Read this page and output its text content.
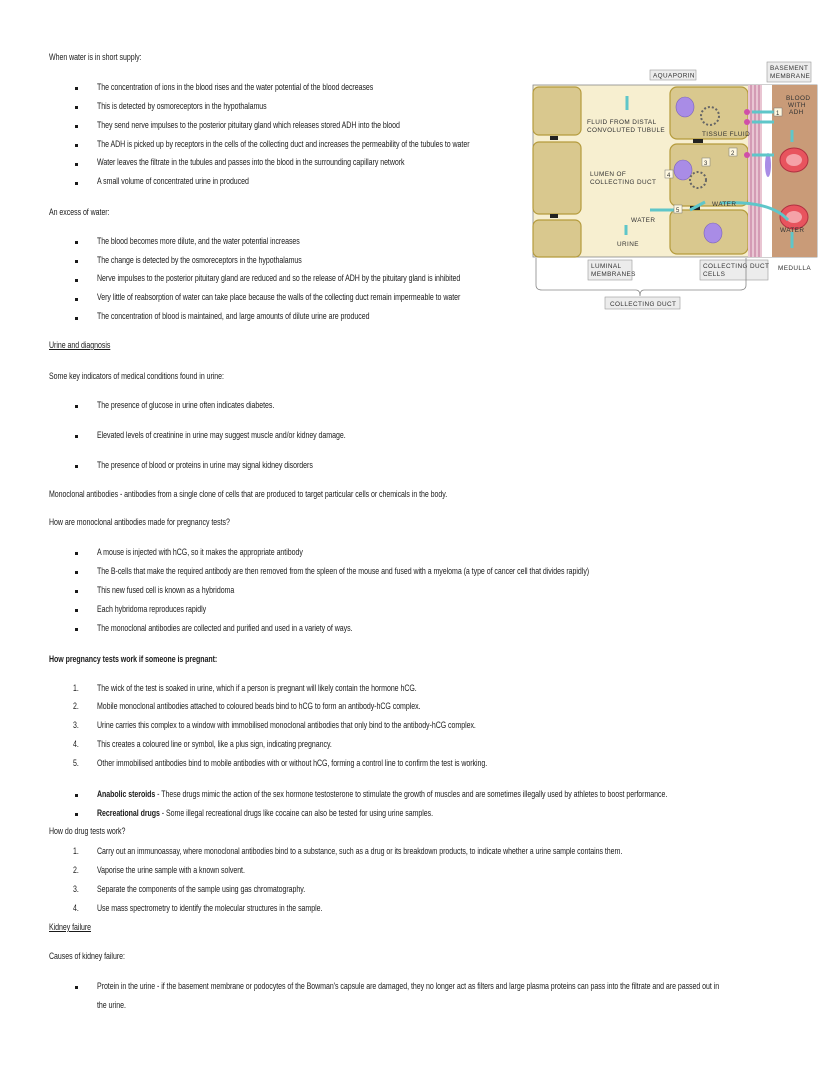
When water is in short supply:
The concentration of ions in the blood rises and the water potential of the blood decreases
This is detected by osmoreceptors in the hypothalamus
They send nerve impulses to the posterior pituitary gland which releases stored ADH into the blood
The ADH is picked up by receptors in the cells of the collecting duct and increases the permeability of the tubules to water
Water leaves the filtrate in the tubules and passes into the blood in the surrounding capillary network
A small volume of concentrated urine in produced
An excess of water:
The blood becomes more dilute, and the water potential increases
The change is detected by the osmoreceptors in the hypothalamus
Nerve impulses to the posterior pituitary gland are reduced and so the release of ADH by the pituitary gland is inhibited
Very little of reabsorption of water can take place because the walls of the collecting duct remain impermeable to water
The concentration of blood is maintained, and large amounts of dilute urine are produced
1
2
3
4
5
AQUAPORIN
BASEMENT
MEMBRANE
BLOOD
WITH
ADH
FLUID FROM DISTAL
CONVOLUTED TUBULE
TISSUE FLUID
LUMEN OF
COLLECTING DUCT
WATER
WATER
WATER
URINE
LUMINAL
MEMBRANES
COLLECTING DUCT
CELLS
MEDULLA
COLLECTING DUCT
Urine and diagnosis
Some key indicators of medical conditions found in urine:
The presence of glucose in urine often indicates diabetes.
Elevated levels of creatinine in urine may suggest muscle and/or kidney damage.
The presence of blood or proteins in urine may signal kidney disorders
Monoclonal antibodies - antibodies from a single clone of cells that are produced to target particular cells or chemicals in the body.
How are monoclonal antibodies made for pregnancy tests?
A mouse is injected with hCG, so it makes the appropriate antibody
The B-cells that make the required antibody are then removed from the spleen of the mouse and fused with a myeloma (a type of cancer cell that divides rapidly)
This new fused cell is known as a hybridoma
Each hybridoma reproduces rapidly
The monoclonal antibodies are collected and purified and used in a variety of ways.
How pregnancy tests work if someone is pregnant:
1. The wick of the test is soaked in urine, which if a person is pregnant will likely contain the hormone hCG.
2. Mobile monoclonal antibodies attached to coloured beads bind to hCG to form an antibody-hCG complex.
3. Urine carries this complex to a window with immobilised monoclonal antibodies that only bind to the antibody-hCG complex.
4. This creates a coloured line or symbol, like a plus sign, indicating pregnancy.
5. Other immobilised antibodies bind to mobile antibodies with or without hCG, forming a control line to confirm the test is working.
Anabolic steroids - These drugs mimic the action of the sex hormone testosterone to stimulate the growth of muscles and are sometimes illegally used by athletes to boost performance.
Recreational drugs - Some illegal recreational drugs like cocaine can also be tested for using urine samples.
How do drug tests work?
1. Carry out an immunoassay, where monoclonal antibodies bind to a substance, such as a drug or its breakdown products, to indicate whether a urine sample contains them.
2. Vaporise the urine sample with a known solvent.
3. Separate the components of the sample using gas chromatography.
4. Use mass spectrometry to identify the molecular structures in the sample.
Kidney failure
Causes of kidney failure:
Protein in the urine - if the basement membrane or podocytes of the Bowman's capsule are damaged, they no longer act as filters and large plasma proteins can pass into the filtrate and are passed out in
the urine.
